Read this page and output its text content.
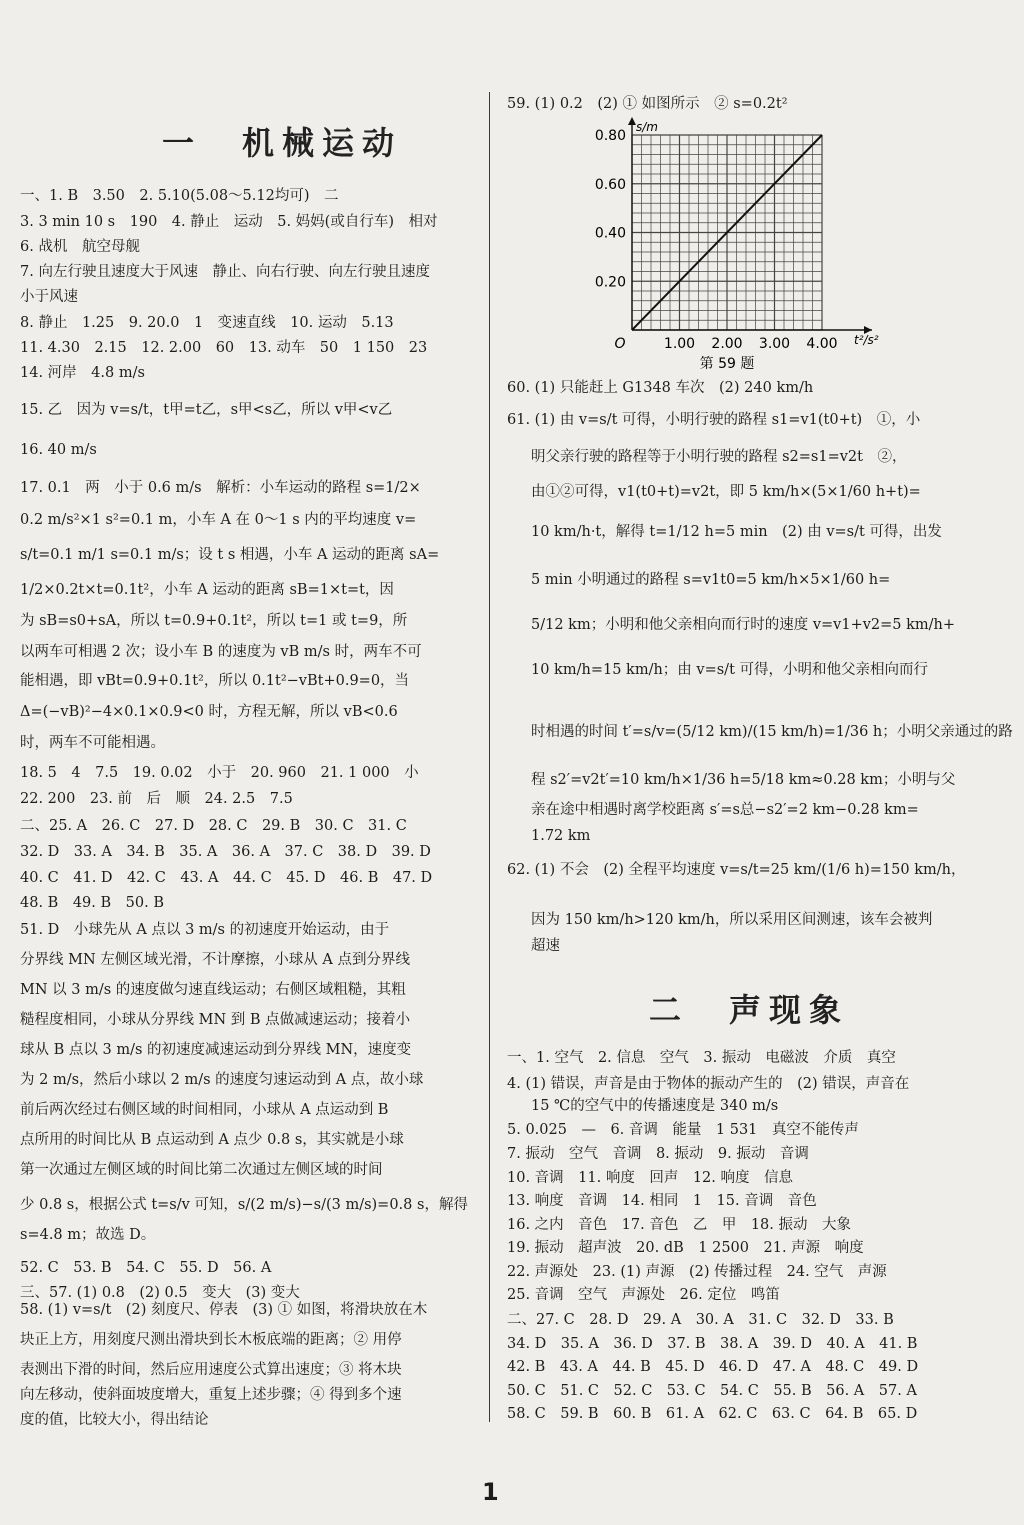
一　机械运动
一、1. B　3.50　2. 5.10(5.08～5.12均可)　二
3. 3 min 10 s　190　4. 静止　运动　5. 妈妈(或自行车)　相对
6. 战机　航空母舰
7. 向左行驶且速度大于风速　静止、向右行驶、向左行驶且速度
小于风速
8. 静止　1.25　9. 20.0　1　变速直线　10. 运动　5.13
11. 4.30　2.15　12. 2.00　60　13. 动车　50　1 150　23
14. 河岸　4.8 m/s
15. 乙　因为 v=s/t，t甲=t乙，s甲<s乙，所以 v甲<v乙
16. 40 m/s
17. 0.1　两　小于 0.6 m/s　解析：小车运动的路程 s=1/2×
0.2 m/s²×1 s²=0.1 m，小车 A 在 0～1 s 内的平均速度 v=
s/t=0.1 m/1 s=0.1 m/s；设 t s 相遇，小车 A 运动的距离 sA=
1/2×0.2t×t=0.1t²，小车 A 运动的距离 sB=1×t=t，因
为 sB=s0+sA，所以 t=0.9+0.1t²，所以 t=1 或 t=9，所
以两车可相遇 2 次；设小车 B 的速度为 vB m/s 时，两车不可
能相遇，即 vBt=0.9+0.1t²，所以 0.1t²−vBt+0.9=0，当
Δ=(−vB)²−4×0.1×0.9<0 时，方程无解，所以 vB<0.6
时，两车不可能相遇。
18. 5　4　7.5　19. 0.02　小于　20. 960　21. 1 000　小
22. 200　23. 前　后　顺　24. 2.5　7.5
二、25. A　26. C　27. D　28. C　29. B　30. C　31. C
32. D　33. A　34. B　35. A　36. A　37. C　38. D　39. D
40. C　41. D　42. C　43. A　44. C　45. D　46. B　47. D
48. B　49. B　50. B
51. D　小球先从 A 点以 3 m/s 的初速度开始运动，由于
分界线 MN 左侧区域光滑，不计摩擦，小球从 A 点到分界线
MN 以 3 m/s 的速度做匀速直线运动；右侧区域粗糙，其粗
糙程度相同，小球从分界线 MN 到 B 点做减速运动；接着小
球从 B 点以 3 m/s 的初速度减速运动到分界线 MN，速度变
为 2 m/s，然后小球以 2 m/s 的速度匀速运动到 A 点，故小球
前后两次经过右侧区域的时间相同，小球从 A 点运动到 B
点所用的时间比从 B 点运动到 A 点少 0.8 s，其实就是小球
第一次通过左侧区域的时间比第二次通过左侧区域的时间
少 0.8 s，根据公式 t=s/v 可知，s/(2 m/s)−s/(3 m/s)=0.8 s，解得
s=4.8 m；故选 D。
52. C　53. B　54. C　55. D　56. A
三、57. (1) 0.8　(2) 0.5　变大　(3) 变大
58. (1) v=s/t　(2) 刻度尺、停表　(3) ① 如图，将滑块放在木
块正上方，用刻度尺测出滑块到长木板底端的距离；② 用停
表测出下滑的时间，然后应用速度公式算出速度；③ 将木块
向左移动，使斜面坡度增大，重复上述步骤；④ 得到多个速
度的值，比较大小，得出结论
59. (1) 0.2　(2) ① 如图所示　② s=0.2t²
1.00 2.00 3.00 4.00
0.20
0.40
0.60
0.80
O	t²/s²
s/m
第 59 题
60. (1) 只能赶上 G1348 车次　(2) 240 km/h
61. (1) 由 v=s/t 可得，小明行驶的路程 s1=v1(t0+t)　①，小
明父亲行驶的路程等于小明行驶的路程 s2=s1=v2t　②，
由①②可得，v1(t0+t)=v2t，即 5 km/h×(5×1/60 h+t)=
10 km/h·t，解得 t=1/12 h=5 min　(2) 由 v=s/t 可得，出发
5 min 小明通过的路程 s=v1t0=5 km/h×5×1/60 h=
5/12 km；小明和他父亲相向而行时的速度 v=v1+v2=5 km/h+
10 km/h=15 km/h；由 v=s/t 可得，小明和他父亲相向而行
时相遇的时间 t′=s/v=(5/12 km)/(15 km/h)=1/36 h；小明父亲通过的路
程 s2′=v2t′=10 km/h×1/36 h=5/18 km≈0.28 km；小明与父
亲在途中相遇时离学校距离 s′=s总−s2′=2 km−0.28 km=
1.72 km
62. (1) 不会　(2) 全程平均速度 v=s/t=25 km/(1/6 h)=150 km/h，
因为 150 km/h>120 km/h，所以采用区间测速，该车会被判
超速
二　声现象
一、1. 空气　2. 信息　空气　3. 振动　电磁波　介质　真空
4. (1) 错误，声音是由于物体的振动产生的　(2) 错误，声音在
15 ℃的空气中的传播速度是 340 m/s
5. 0.025　—　6. 音调　能量　1 531　真空不能传声
7. 振动　空气　音调　8. 振动　9. 振动　音调
10. 音调　11. 响度　回声　12. 响度　信息
13. 响度　音调　14. 相同　1　15. 音调　音色
16. 之内　音色　17. 音色　乙　甲　18. 振动　大象
19. 振动　超声波　20. dB　1 2500　21. 声源　响度
22. 声源处　23. (1) 声源　(2) 传播过程　24. 空气　声源
25. 音调　空气　声源处　26. 定位　鸣笛
二、27. C　28. D　29. A　30. A　31. C　32. D　33. B
34. D　35. A　36. D　37. B　38. A　39. D　40. A　41. B
42. B　43. A　44. B　45. D　46. D　47. A　48. C　49. D
50. C　51. C　52. C　53. C　54. C　55. B　56. A　57. A
58. C　59. B　60. B　61. A　62. C　63. C　64. B　65. D
1
